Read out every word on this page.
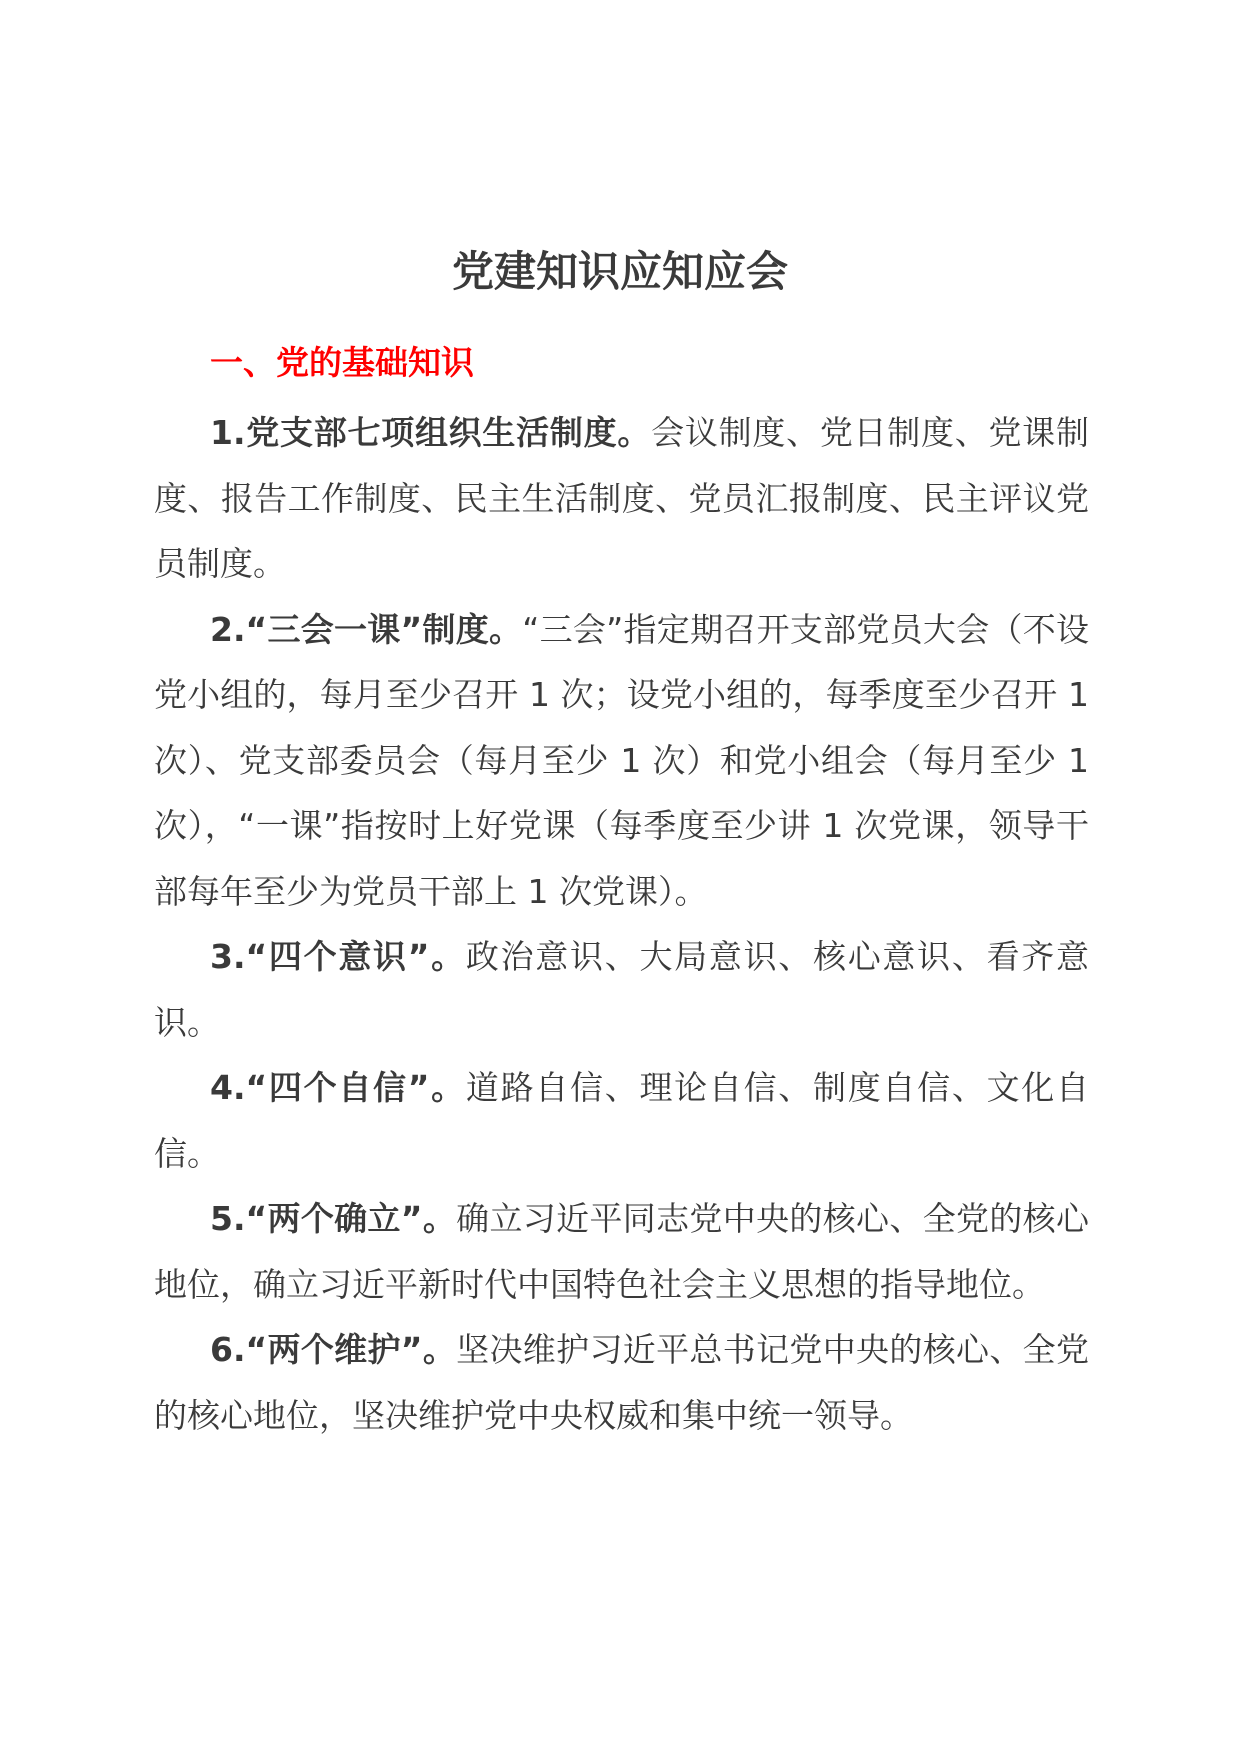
党建知识应知应会
一、党的基础知识

1.党支部七项组织生活制度。会议制度、党日制度、党课制度、报告工作制度、民主生活制度、党员汇报制度、民主评议党员制度。

2.“三会一课”制度。“三会”指定期召开支部党员大会（不设党小组的，每月至少召开 1 次；设党小组的，每季度至少召开 1 次）、党支部委员会（每月至少 1 次）和党小组会（每月至少 1 次），“一课”指按时上好党课（每季度至少讲 1 次党课，领导干部每年至少为党员干部上 1 次党课）。

3.“四个意识”。政治意识、大局意识、核心意识、看齐意识。

4.“四个自信”。道路自信、理论自信、制度自信、文化自信。

5.“两个确立”。确立习近平同志党中央的核心、全党的核心地位，确立习近平新时代中国特色社会主义思想的指导地位。

6.“两个维护”。坚决维护习近平总书记党中央的核心、全党的核心地位，坚决维护党中央权威和集中统一领导。
